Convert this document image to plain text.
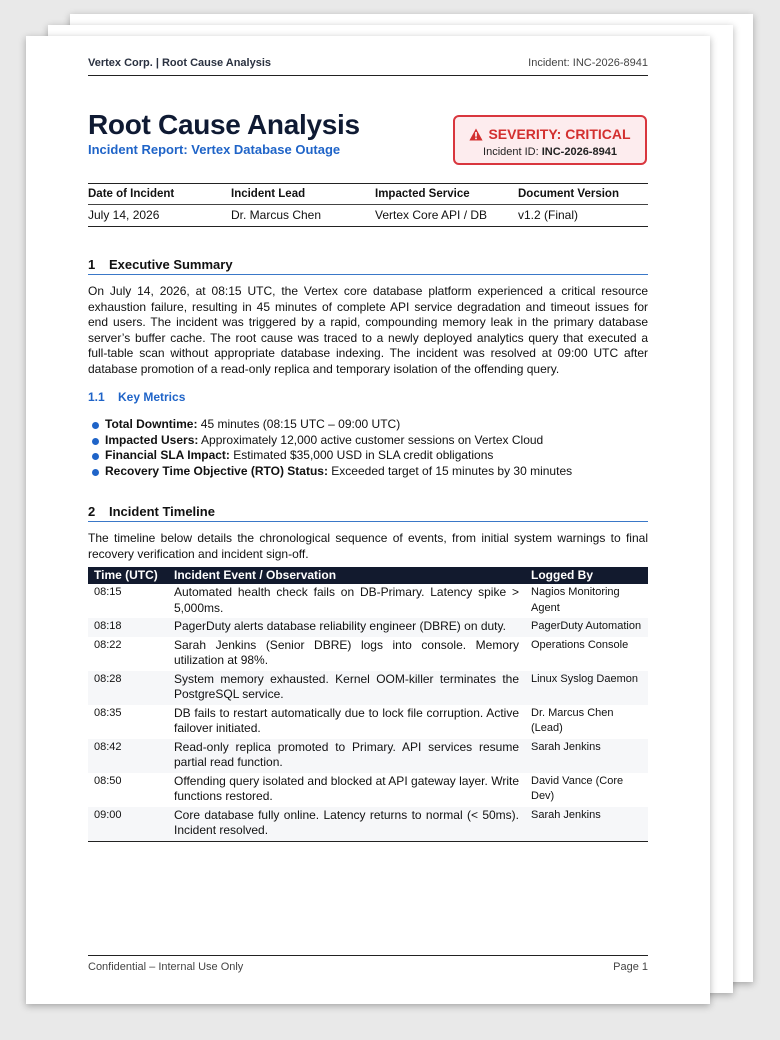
Vertex Corp. | Root Cause Analysis	Incident: INC-2026-8941
Root Cause Analysis
Incident Report: Vertex Database Outage
SEVERITY: CRITICAL
Incident ID: INC-2026-8941
Date of Incident	Incident Lead	Impacted Service	Document Version
July 14, 2026	Dr. Marcus Chen	Vertex Core API / DB	v1.2 (Final)
1 Executive Summary

On July 14, 2026, at 08:15 UTC, the Vertex core database platform experienced a critical resource exhaustion failure, resulting in 45 minutes of complete API service degradation and timeout issues for end users. The incident was triggered by a rapid, compounding memory leak in the primary database server’s buffer cache. The root cause was traced to a newly deployed analytics query that executed a full-table scan without appropriate database indexing. The incident was resolved at 09:00 UTC after database promotion of a read-only replica and temporary isolation of the offending query.

1.1 Key Metrics
Total Downtime: 45 minutes (08:15 UTC – 09:00 UTC)
Impacted Users: Approximately 12,000 active customer sessions on Vertex Cloud
Financial SLA Impact: Estimated $35,000 USD in SLA credit obligations
Recovery Time Objective (RTO) Status: Exceeded target of 15 minutes by 30 minutes
2 Incident Timeline

The timeline below details the chronological sequence of events, from initial system warnings to final recovery verification and incident sign-off.

Time (UTC)	Incident Event / Observation	Logged By
08:15	Automated health check fails on DB-Primary. Latency spike > 5,000ms.	Nagios Monitoring Agent
08:18	PagerDuty alerts database reliability engineer (DBRE) on duty.	PagerDuty Automation
08:22	Sarah Jenkins (Senior DBRE) logs into console. Memory utilization at 98%.	Operations Console
08:28	System memory exhausted. Kernel OOM-killer terminates the PostgreSQL service.	Linux Syslog Daemon
08:35	DB fails to restart automatically due to lock file corruption. Active failover initiated.	Dr. Marcus Chen (Lead)
08:42	Read-only replica promoted to Primary. API services resume partial read function.	Sarah Jenkins
08:50	Offending query isolated and blocked at API gateway layer. Write functions restored.	David Vance (Core Dev)
09:00	Core database fully online. Latency returns to normal (< 50ms). Incident resolved.	Sarah Jenkins
Confidential – Internal Use Only	Page 1
